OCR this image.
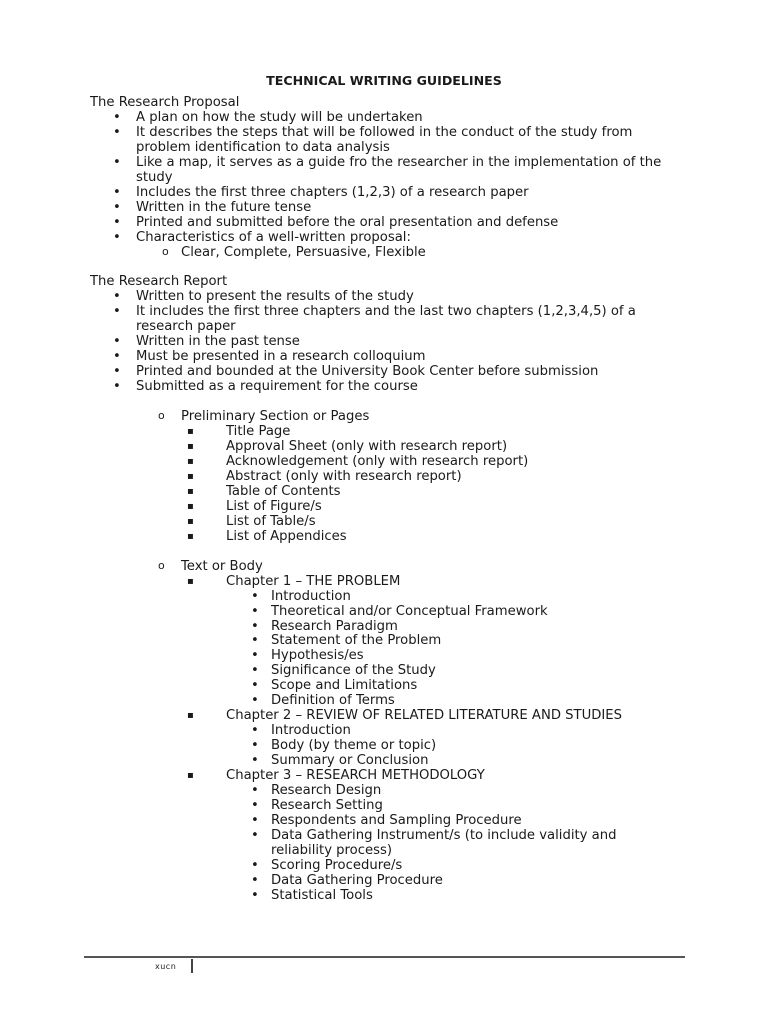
TECHNICAL WRITING GUIDELINES
The Research Proposal
• A plan on how the study will be undertaken
• It describes the steps that will be followed in the conduct of the study from problem identification to data analysis
• Like a map, it serves as a guide fro the researcher in the implementation of the study
• Includes the first three chapters (1,2,3) of a research paper
• Written in the future tense
• Printed and submitted before the oral presentation and defense
• Characteristics of a well-written proposal:
o Clear, Complete, Persuasive, Flexible
The Research Report
• Written to present the results of the study
• It includes the first three chapters and the last two chapters (1,2,3,4,5) of a research paper
• Written in the past tense
• Must be presented in a research colloquium
• Printed and bounded at the University Book Center before submission
• Submitted as a requirement for the course
o Preliminary Section or Pages
▪ Title Page
▪ Approval Sheet (only with research report)
▪ Acknowledgement (only with research report)
▪ Abstract (only with research report)
▪ Table of Contents
▪ List of Figure/s
▪ List of Table/s
▪ List of Appendices
o Text or Body
▪ Chapter 1 – THE PROBLEM
• Introduction
• Theoretical and/or Conceptual Framework
• Research Paradigm
• Statement of the Problem
• Hypothesis/es
• Significance of the Study
• Scope and Limitations
• Definition of Terms
▪ Chapter 2 – REVIEW OF RELATED LITERATURE AND STUDIES
• Introduction
• Body (by theme or topic)
• Summary or Conclusion
▪ Chapter 3 – RESEARCH METHODOLOGY
• Research Design
• Research Setting
• Respondents and Sampling Procedure
• Data Gathering Instrument/s (to include validity and reliability process)
• Scoring Procedure/s
• Data Gathering Procedure
• Statistical Tools
xucn
